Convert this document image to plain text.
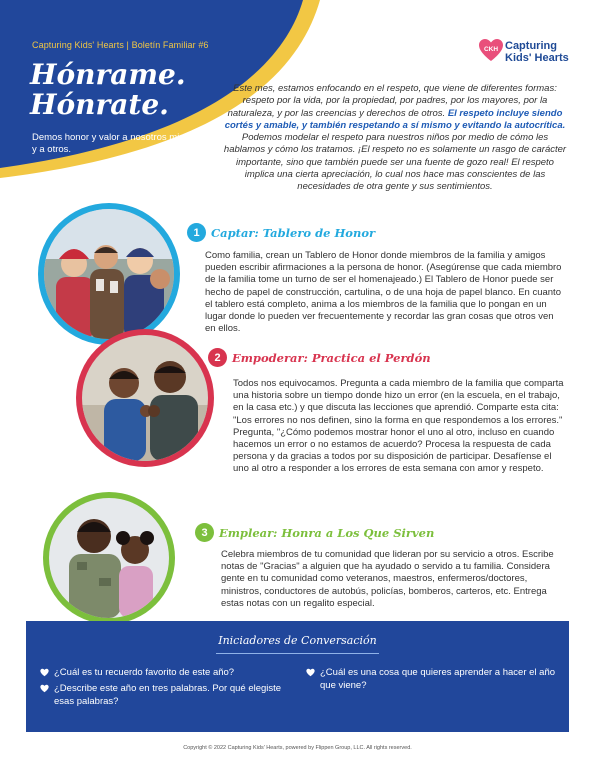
Capturing Kids' Hearts | Boletín Familiar #6
Hónrame.
Hónrate.
Demos honor y valor a nosotros mismos y a otros.
CKH Capturing
Kids' Hearts
Este mes, estamos enfocando en el respeto, que viene de diferentes formas: respeto por la vida, por la propiedad, por padres, por los mayores, por la naturaleza, y por las creencias y derechos de otros. El respeto incluye siendo cortés y amable, y también respetando a sí mismo y evitando la autocrítica. Podemos modelar el respeto para nuestros niños por medio de cómo les hablamos y cómo los tratamos. ¡El respeto no es solamente un rasgo de carácter importante, sino que también puede ser una fuente de gozo real! El respeto implica una cierta apreciación, lo cual nos hace mas conscientes de las necesidades de otra gente y sus sentimientos.
1 Captar: Tablero de Honor
Como familia, crean un Tablero de Honor donde miembros de la familia y amigos pueden escribir afirmaciones a la persona de honor. (Asegúrense que cada miembro de la familia tome un turno de ser el homenajeado.) El Tablero de Honor puede ser hecho de papel de construcción, cartulina, o de una hoja de papel blanco. En cuanto el tablero está completo, anima a los miembros de la familia que lo pongan en un lugar donde lo pueden ver frecuentemente y recordar las gran cosas que otros ven en ellos.
2 Empoderar: Practica el Perdón
Todos nos equivocamos. Pregunta a cada miembro de la familia que comparta una historia sobre un tiempo donde hizo un error (en la escuela, en el trabajo, en la casa etc.) y que discuta las lecciones que aprendió. Comparte esta cita: "Los errores no nos definen, sino la forma en que respondemos a los errores." Pregunta, "¿Cómo podemos mostrar honor el uno al otro, incluso en cuando hacemos un error o no estamos de acuerdo? Procesa la respuesta de cada persona y da gracias a todos por su disposición de participar. Desafíense el uno al otro a responder a los errores de esta semana con amor y respeto.
3 Emplear: Honra a Los Que Sirven
Celebra miembros de tu comunidad que lideran por su servicio a otros. Escribe notas de "Gracias" a alguien que ha ayudado o servido a tu familia. Considera gente en tu comunidad como veteranos, maestros, enfermeros/doctores, ministros, conductores de autobús, policías, bomberos, carteros, etc. Entrega estas notas con un regalito especial.
Iniciadores de Conversación
¿Cuál es tu recuerdo favorito de este año?
¿Describe este año en tres palabras. Por qué elegiste esas palabras?
¿Cuál es una cosa que quieres aprender a hacer el año que viene?
Copyright © 2022 Capturing Kids' Hearts, powered by Flippen Group, LLC. All rights reserved.
